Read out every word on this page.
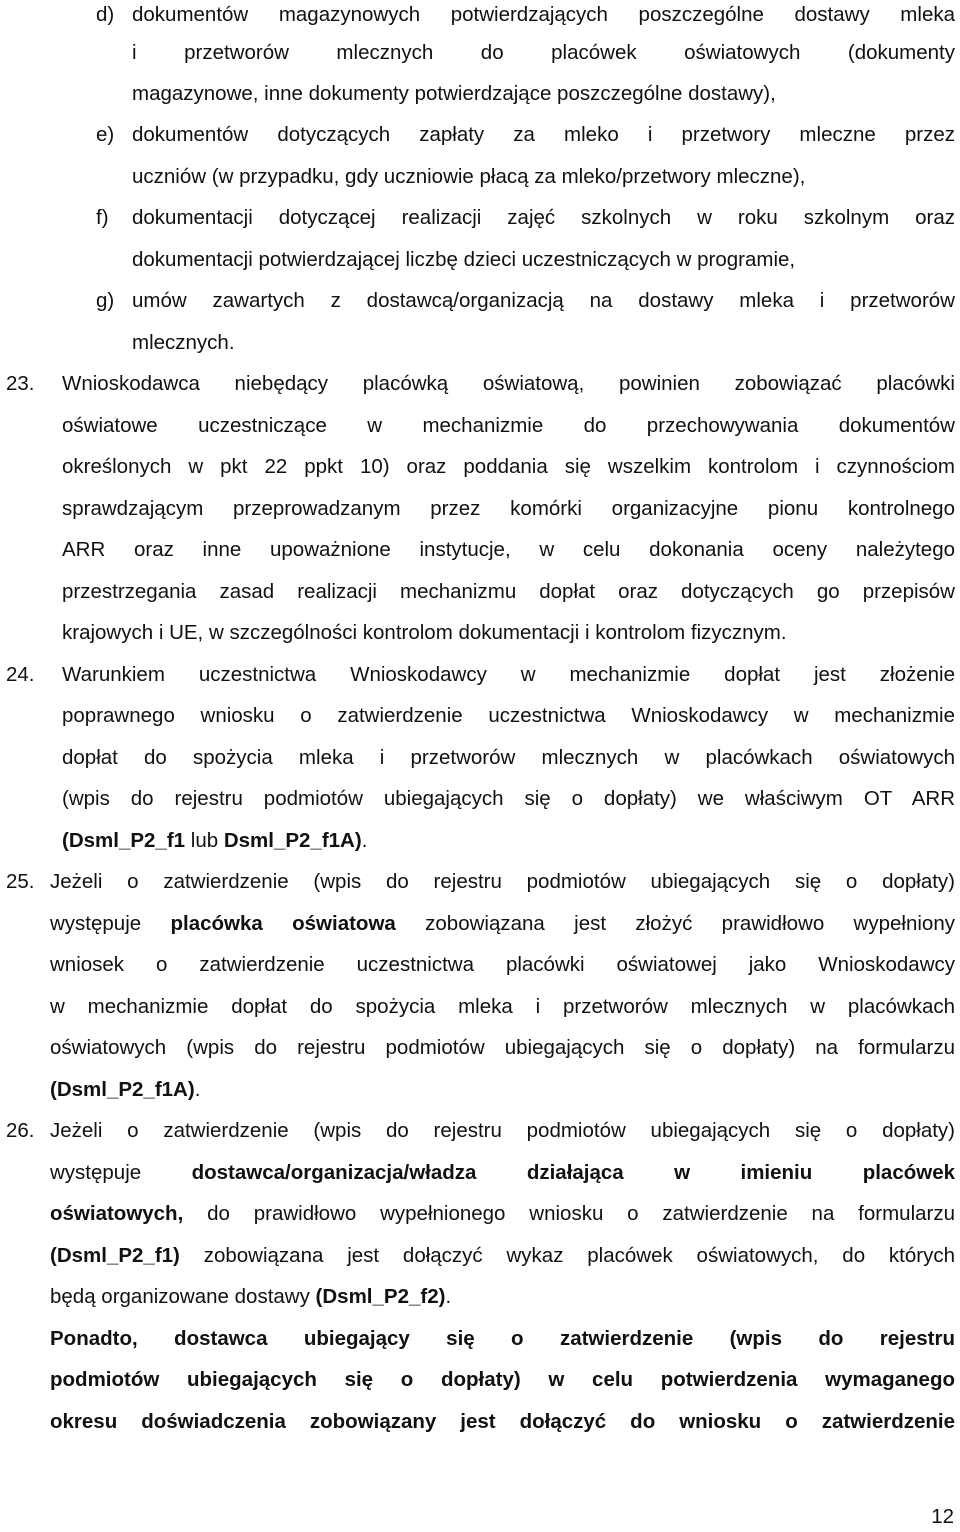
d) dokumentów magazynowych potwierdzających poszczególne dostawy mleka
i przetworów mlecznych do placówek oświatowych (dokumenty
magazynowe, inne dokumenty potwierdzające poszczególne dostawy),
e) dokumentów dotyczących zapłaty za mleko i przetwory mleczne przez
uczniów (w przypadku, gdy uczniowie płacą za mleko/przetwory mleczne),
f) dokumentacji dotyczącej realizacji zajęć szkolnych w roku szkolnym oraz
dokumentacji potwierdzającej liczbę dzieci uczestniczących w programie,
g) umów zawartych z dostawcą/organizacją na dostawy mleka i przetworów
mlecznych.
23. Wnioskodawca niebędący placówką oświatową, powinien zobowiązać placówki
oświatowe uczestniczące w mechanizmie do przechowywania dokumentów
określonych w pkt 22 ppkt 10) oraz poddania się wszelkim kontrolom i czynnościom
sprawdzającym przeprowadzanym przez komórki organizacyjne pionu kontrolnego
ARR oraz inne upoważnione instytucje, w celu dokonania oceny należytego
przestrzegania zasad realizacji mechanizmu dopłat oraz dotyczących go przepisów
krajowych i UE, w szczególności kontrolom dokumentacji i kontrolom fizycznym.
24. Warunkiem uczestnictwa Wnioskodawcy w mechanizmie dopłat jest złożenie
poprawnego wniosku o zatwierdzenie uczestnictwa Wnioskodawcy w mechanizmie
dopłat do spożycia mleka i przetworów mlecznych w placówkach oświatowych
(wpis do rejestru podmiotów ubiegających się o dopłaty) we właściwym OT ARR
(Dsml_P2_f1 lub Dsml_P2_f1A).
25. Jeżeli o zatwierdzenie (wpis do rejestru podmiotów ubiegających się o dopłaty)
występuje placówka oświatowa zobowiązana jest złożyć prawidłowo wypełniony
wniosek o zatwierdzenie uczestnictwa placówki oświatowej jako Wnioskodawcy
w mechanizmie dopłat do spożycia mleka i przetworów mlecznych w placówkach
oświatowych (wpis do rejestru podmiotów ubiegających się o dopłaty) na formularzu
(Dsml_P2_f1A).
26. Jeżeli o zatwierdzenie (wpis do rejestru podmiotów ubiegających się o dopłaty)
występuje dostawca/organizacja/władza działająca w imieniu placówek
oświatowych, do prawidłowo wypełnionego wniosku o zatwierdzenie na formularzu
(Dsml_P2_f1) zobowiązana jest dołączyć wykaz placówek oświatowych, do których
będą organizowane dostawy (Dsml_P2_f2).
Ponadto, dostawca ubiegający się o zatwierdzenie (wpis do rejestru
podmiotów ubiegających się o dopłaty) w celu potwierdzenia wymaganego
okresu doświadczenia zobowiązany jest dołączyć do wniosku o zatwierdzenie
12
